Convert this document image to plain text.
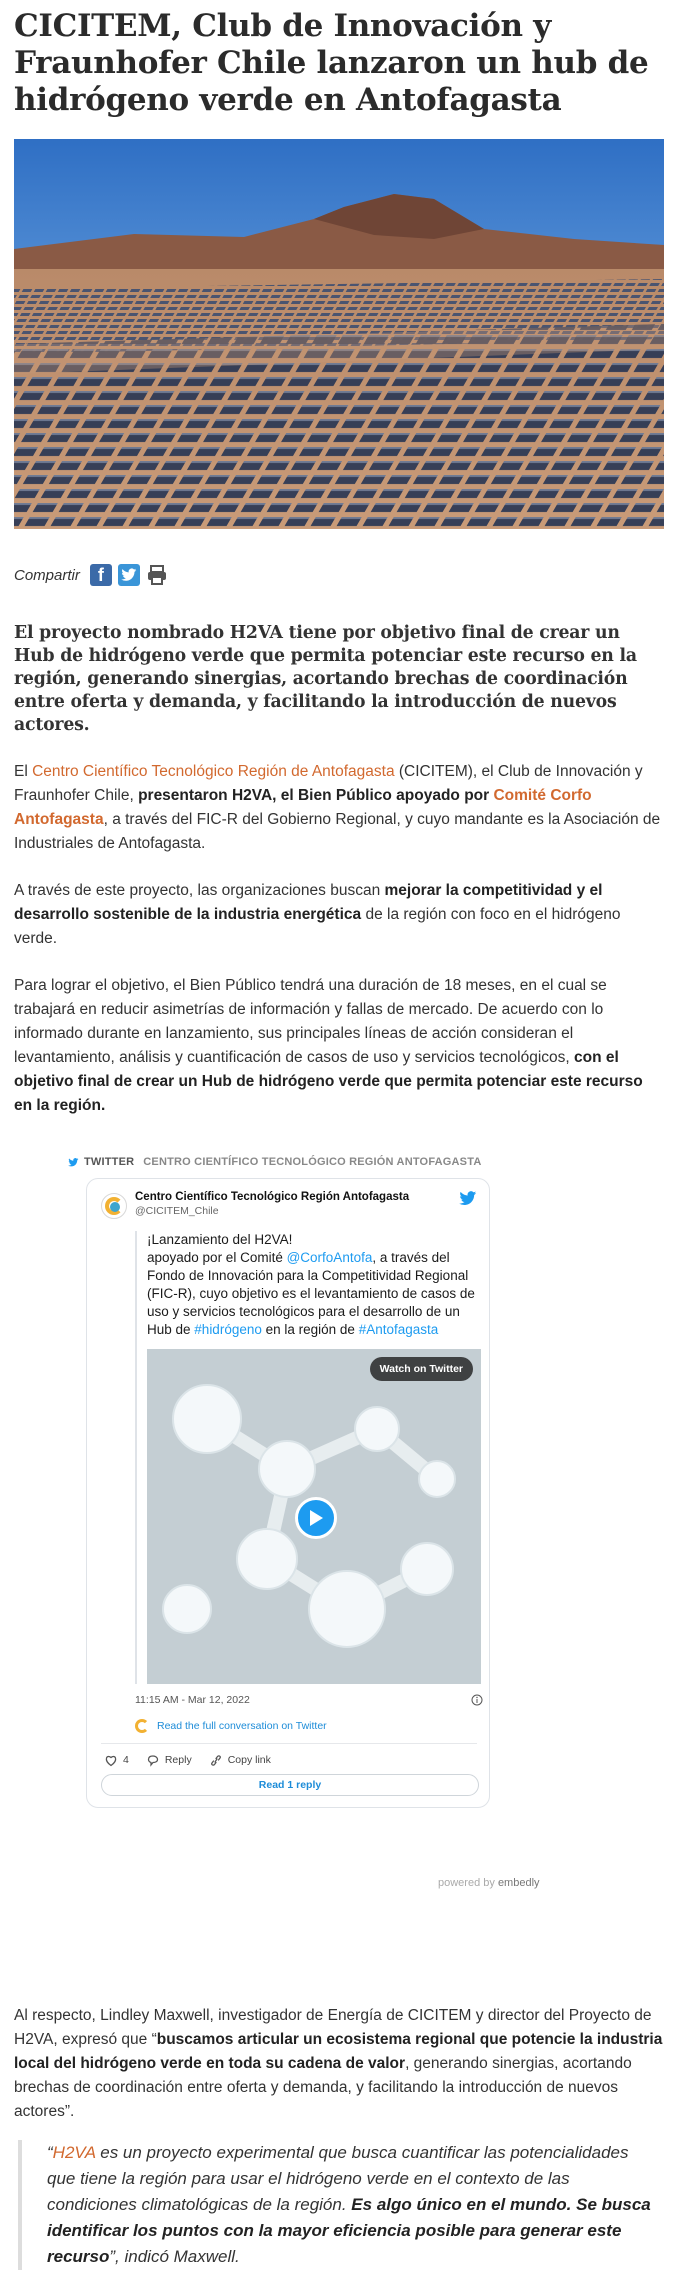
CICITEM, Club de Innovación y Fraunhofer Chile lanzaron un hub de hidrógeno verde en Antofagasta
Compartir	f

El proyecto nombrado H2VA tiene por objetivo final de crear un Hub de hidrógeno verde que permita potenciar este recurso en la región, generando sinergias, acortando brechas de coordinación entre oferta y demanda, y facilitando la introducción de nuevos actores.

El Centro Científico Tecnológico Región de Antofagasta (CICITEM), el Club de Innovación y Fraunhofer Chile, presentaron H2VA, el Bien Público apoyado por Comité Corfo Antofagasta, a través del FIC-R del Gobierno Regional, y cuyo mandante es la Asociación de Industriales de Antofagasta.

A través de este proyecto, las organizaciones buscan mejorar la competitividad y el desarrollo sostenible de la industria energética de la región con foco en el hidrógeno verde.

Para lograr el objetivo, el Bien Público tendrá una duración de 18 meses, en el cual se trabajará en reducir asimetrías de información y fallas de mercado. De acuerdo con lo informado durante en lanzamiento, sus principales líneas de acción consideran el levantamiento, análisis y cuantificación de casos de uso y servicios tecnológicos, con el objetivo final de crear un Hub de hidrógeno verde que permita potenciar este recurso en la región.

TWITTER CENTRO CIENTÍFICO TECNOLÓGICO REGIÓN ANTOFAGASTA
Centro Científico Tecnológico Región Antofagasta
@CICITEM_Chile
¡Lanzamiento del H2VA!
apoyado por el Comité @CorfoAntofa, a través del Fondo de Innovación para la Competitividad Regional (FIC-R), cuyo objetivo es el levantamiento de casos de uso y servicios tecnológicos para el desarrollo de un Hub de #hidrógeno en la región de #Antofagasta
Watch on Twitter
11:15 AM - Mar 12, 2022
Read the full conversation on Twitter
4	Reply	Copy link
Read 1 reply
powered by embedly

Al respecto, Lindley Maxwell, investigador de Energía de CICITEM y director del Proyecto de H2VA, expresó que “buscamos articular un ecosistema regional que potencie la industria local del hidrógeno verde en toda su cadena de valor, generando sinergias, acortando brechas de coordinación entre oferta y demanda, y facilitando la introducción de nuevos actores”.

“H2VA es un proyecto experimental que busca cuantificar las potencialidades que tiene la región para usar el hidrógeno verde en el contexto de las condiciones climatológicas de la región. Es algo único en el mundo. Se busca identificar los puntos con la mayor eficiencia posible para generar este recurso”, indicó Maxwell.
